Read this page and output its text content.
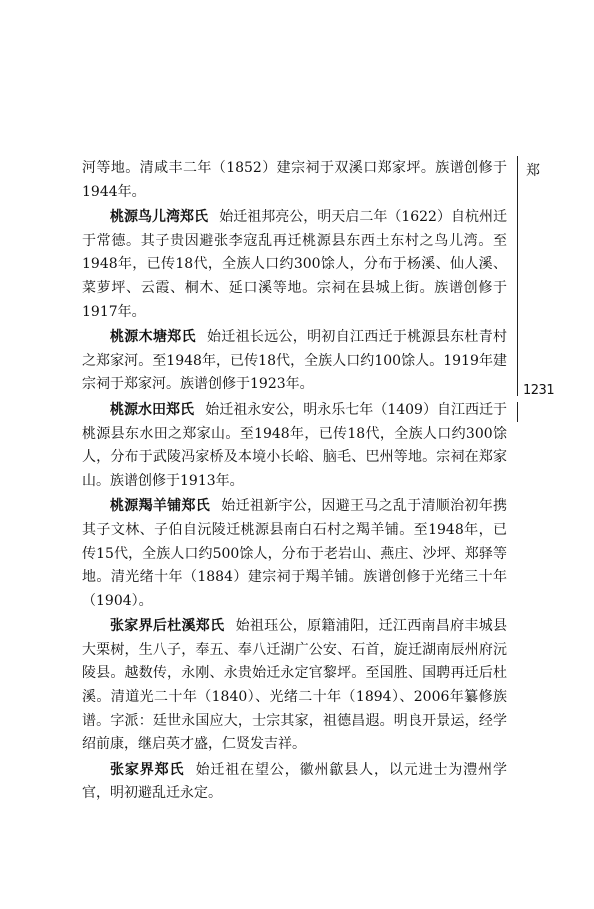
河等地。清咸丰二年（1852）建宗祠于双溪口郑家坪。族谱创修于1944年。

桃源鸟儿湾郑氏 始迁祖邦亮公，明天启二年（1622）自杭州迁于常德。其子贵因避张李寇乱再迁桃源县东西土东村之鸟儿湾。至1948年，已传18代，全族人口约300馀人，分布于杨溪、仙人溪、菜萝坪、云霞、桐木、延口溪等地。宗祠在县城上街。族谱创修于1917年。

桃源木塘郑氏 始迁祖长远公，明初自江西迁于桃源县东杜青村之郑家河。至1948年，已传18代，全族人口约100馀人。1919年建宗祠于郑家河。族谱创修于1923年。

桃源水田郑氏 始迁祖永安公，明永乐七年（1409）自江西迁于桃源县东水田之郑家山。至1948年，已传18代，全族人口约300馀人，分布于武陵冯家桥及本境小长峪、脑毛、巴州等地。宗祠在郑家山。族谱创修于1913年。

桃源羯羊铺郑氏 始迁祖新宇公，因避王马之乱于清顺治初年携其子文林、子伯自沅陵迁桃源县南白石村之羯羊铺。至1948年，已传15代，全族人口约500馀人，分布于老岩山、燕庄、沙坪、郑驿等地。清光绪十年（1884）建宗祠于羯羊铺。族谱创修于光绪三十年（1904）。

张家界后杜溪郑氏 始祖珏公，原籍浦阳，迁江西南昌府丰城县大栗树，生八子，奉五、奉八迁湖广公安、石首，旋迁湖南辰州府沅陵县。越数传，永刚、永贵始迁永定官黎坪。至国胜、国聘再迁后杜溪。清道光二十年（1840）、光绪二十年（1894）、2006年纂修族谱。字派：廷世永国应大，士宗其家，祖德昌遐。明良开景运，经学绍前康，继启英才盛，仁贤发吉祥。

张家界郑氏 始迁祖在望公，徽州歙县人，以元进士为澧州学官，明初避乱迁永定。

郑
1231
